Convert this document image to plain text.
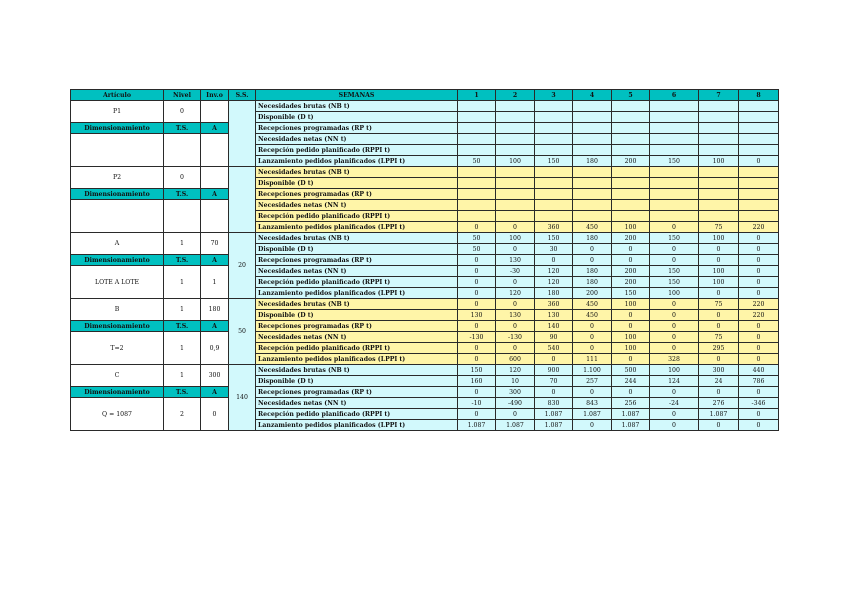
Artículo	Nivel	Inv.o	S.S.	SEMANAS	1	2	3	4	5	6	7	8
P1	0			Necesidades brutas (NB t)								
				Disponible (D t)								
Dimensionamiento	T.S.	A		Recepciones programadas (RP t)								
				Necesidades netas (NN t)								
				Recepción pedido planificado (RPPI t)								
				Lanzamiento pedidos planificados (LPPI t)	50	100	150	180	200	150	100	0
P2	0			Necesidades brutas (NB t)								
				Disponible (D t)								
Dimensionamiento	T.S.	A		Recepciones programadas (RP t)								
				Necesidades netas (NN t)								
				Recepción pedido planificado (RPPI t)								
				Lanzamiento pedidos planificados (LPPI t)	0	0	360	450	100	0	75	220
A	1	70	20	Necesidades brutas (NB t)	50	100	150	180	200	150	100	0
				Disponible (D t)	50	0	30	0	0	0	0	0
Dimensionamiento	T.S.	A		Recepciones programadas (RP t)	0	130	0	0	0	0	0	0
LOTE A LOTE	1	1		Necesidades netas (NN t)	0	-30	120	180	200	150	100	0
				Recepción pedido planificado (RPPI t)	0	0	120	180	200	150	100	0
				Lanzamiento pedidos planificados (LPPI t)	0	120	180	200	150	100	0	0
B	1	180	50	Necesidades brutas (NB t)	0	0	360	450	100	0	75	220
				Disponible (D t)	130	130	130	450	0	0	0	220
Dimensionamiento	T.S.	A		Recepciones programadas (RP t)	0	0	140	0	0	0	0	0
T=2	1	0,9		Necesidades netas (NN t)	-130	-130	90	0	100	0	75	0
				Recepción pedido planificado (RPPI t)	0	0	540	0	100	0	295	0
				Lanzamiento pedidos planificados (LPPI t)	0	600	0	111	0	328	0	0
C	1	300	140	Necesidades brutas (NB t)	150	120	900	1.100	500	100	300	440
				Disponible (D t)	160	10	70	257	244	124	24	786
Dimensionamiento	T.S.	A		Recepciones programadas (RP t)	0	300	0	0	0	0	0	0
Q = 1087	2	0		Necesidades netas (NN t)	-10	-490	830	843	256	-24	276	-346
				Recepción pedido planificado (RPPI t)	0	0	1.087	1.087	1.087	0	1.087	0
				Lanzamiento pedidos planificados (LPPI t)	1.087	1.087	1.087	0	1.087	0	0	0
